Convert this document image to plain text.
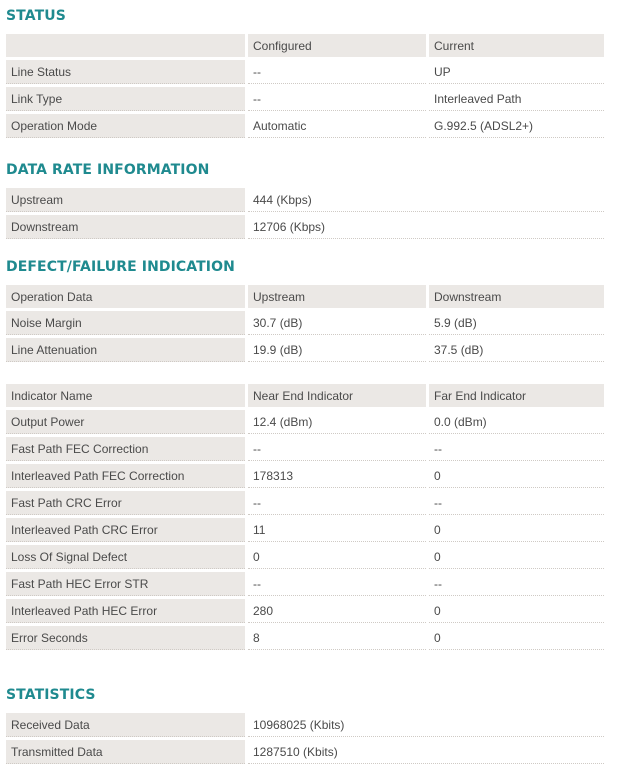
STATUS
		Configured		Current
Line Status		--		UP
Link Type		--		Interleaved Path
Operation Mode		Automatic		G.992.5 (ADSL2+)
DATA RATE INFORMATION
Upstream		444 (Kbps)
Downstream		12706 (Kbps)
DEFECT/FAILURE INDICATION
Operation Data		Upstream		Downstream
Noise Margin		30.7 (dB)		5.9 (dB)
Line Attenuation		19.9 (dB)		37.5 (dB)
Indicator Name		Near End Indicator		Far End Indicator
Output Power		12.4 (dBm)		0.0 (dBm)
Fast Path FEC Correction		--		--
Interleaved Path FEC Correction		178313		0
Fast Path CRC Error		--		--
Interleaved Path CRC Error		11		0
Loss Of Signal Defect		0		0
Fast Path HEC Error STR		--		--
Interleaved Path HEC Error		280		0
Error Seconds		8		0
STATISTICS
Received Data		10968025 (Kbits)
Transmitted Data		1287510 (Kbits)
